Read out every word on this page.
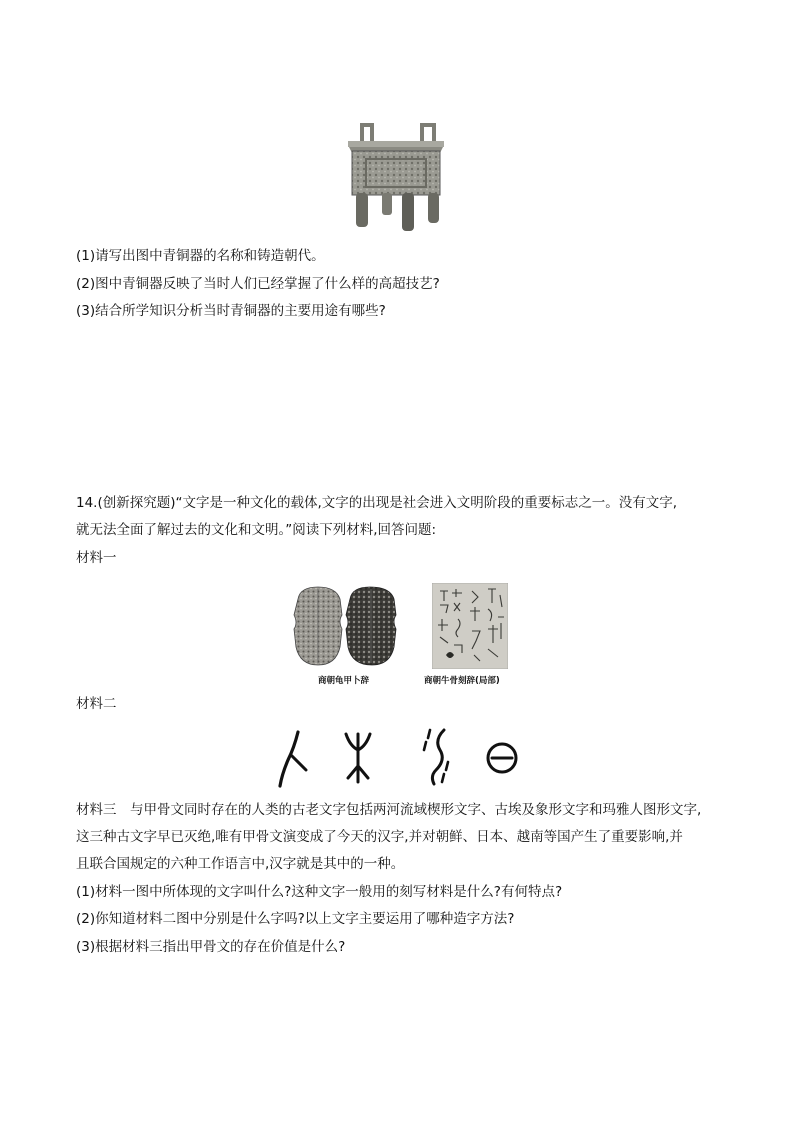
(1)请写出图中青铜器的名称和铸造朝代。
(2)图中青铜器反映了当时人们已经掌握了什么样的高超技艺?
(3)结合所学知识分析当时青铜器的主要用途有哪些?
14.(创新探究题)“文字是一种文化的载体,文字的出现是社会进入文明阶段的重要标志之一。没有文字,
就无法全面了解过去的文化和文明。”阅读下列材料,回答问题:
材料一
商朝龟甲卜辞	商朝牛骨刻辞(局部)
材料二
材料三　与甲骨文同时存在的人类的古老文字包括两河流域楔形文字、古埃及象形文字和玛雅人图形文字,
这三种古文字早已灭绝,唯有甲骨文演变成了今天的汉字,并对朝鲜、日本、越南等国产生了重要影响,并
且联合国规定的六种工作语言中,汉字就是其中的一种。
(1)材料一图中所体现的文字叫什么?这种文字一般用的刻写材料是什么?有何特点?
(2)你知道材料二图中分别是什么字吗?以上文字主要运用了哪种造字方法?
(3)根据材料三指出甲骨文的存在价值是什么?
